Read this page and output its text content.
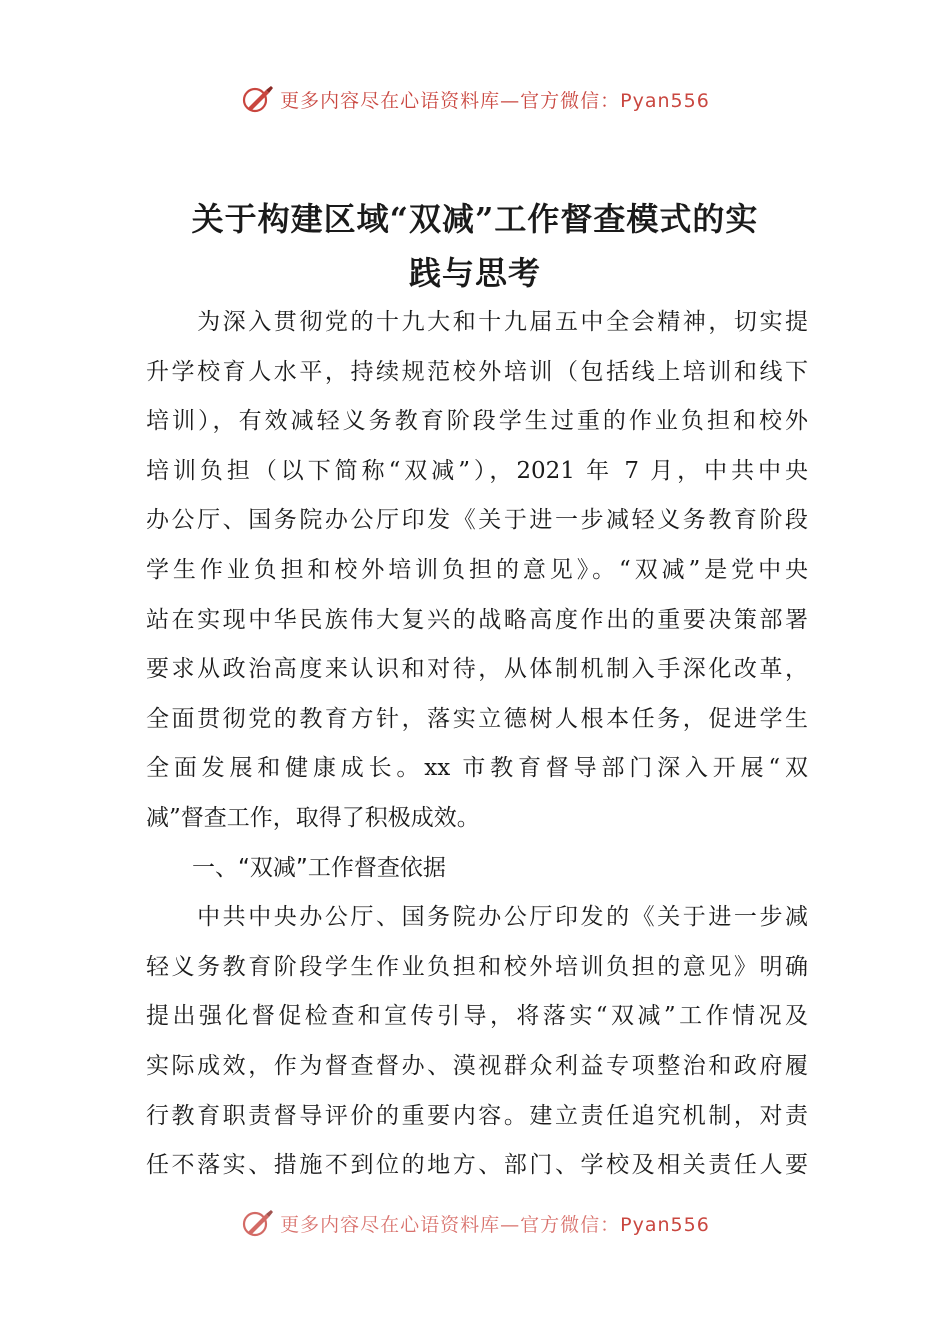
更多内容尽在心语资料库—官方微信：Pyan556
关于构建区域“双减”工作督查模式的实
践与思考
　　为深入贯彻党的十九大和十九届五中全会精神，切实提
升学校育人水平，持续规范校外培训（包括线上培训和线下
培训），有效减轻义务教育阶段学生过重的作业负担和校外
培训负担（以下简称“双减”），2021 年 7 月，中共中央
办公厅、国务院办公厅印发《关于进一步减轻义务教育阶段
学生作业负担和校外培训负担的意见》。“双减”是党中央
站在实现中华民族伟大复兴的战略高度作出的重要决策部署
要求从政治高度来认识和对待，从体制机制入手深化改革，
全面贯彻党的教育方针，落实立德树人根本任务，促进学生
全面发展和健康成长。xx 市教育督导部门深入开展“双
减”督查工作，取得了积极成效。
　　一、“双减”工作督查依据
　　中共中央办公厅、国务院办公厅印发的《关于进一步减
轻义务教育阶段学生作业负担和校外培训负担的意见》明确
提出强化督促检查和宣传引导，将落实“双减”工作情况及
实际成效，作为督查督办、漠视群众利益专项整治和政府履
行教育职责督导评价的重要内容。建立责任追究机制，对责
任不落实、措施不到位的地方、部门、学校及相关责任人要
更多内容尽在心语资料库—官方微信：Pyan556
